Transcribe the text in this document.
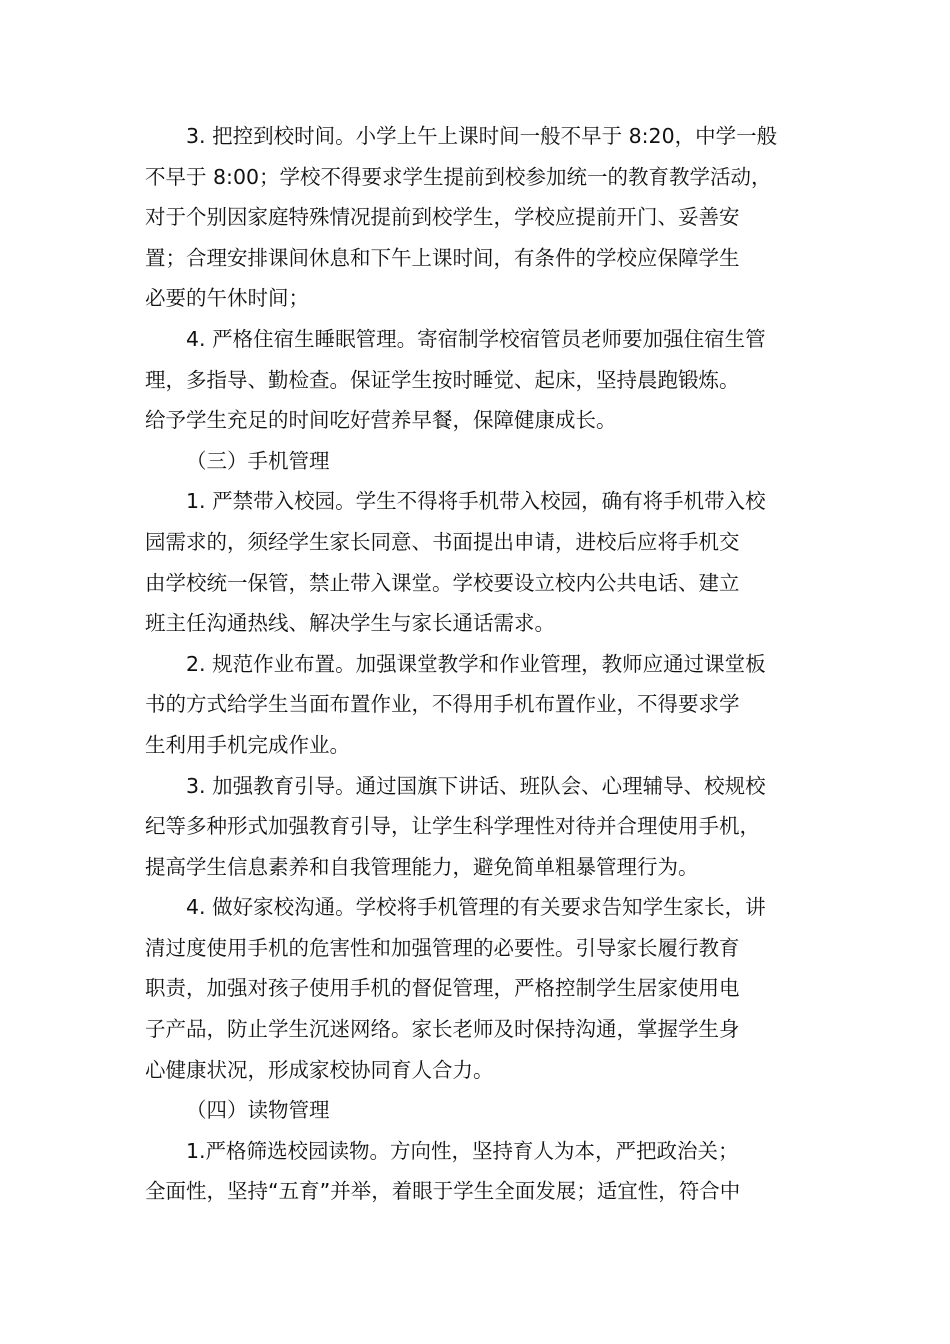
3. 把控到校时间。小学上午上课时间一般不早于 8:20，中学一般
不早于 8:00；学校不得要求学生提前到校参加统一的教育教学活动，
对于个别因家庭特殊情况提前到校学生，学校应提前开门、妥善安
置；合理安排课间休息和下午上课时间，有条件的学校应保障学生
必要的午休时间；

4. 严格住宿生睡眠管理。寄宿制学校宿管员老师要加强住宿生管
理，多指导、勤检查。保证学生按时睡觉、起床，坚持晨跑锻炼。
给予学生充足的时间吃好营养早餐，保障健康成长。

（三）手机管理

1. 严禁带入校园。学生不得将手机带入校园，确有将手机带入校
园需求的，须经学生家长同意、书面提出申请，进校后应将手机交
由学校统一保管，禁止带入课堂。学校要设立校内公共电话、建立
班主任沟通热线、解决学生与家长通话需求。

2. 规范作业布置。加强课堂教学和作业管理，教师应通过课堂板
书的方式给学生当面布置作业，不得用手机布置作业，不得要求学
生利用手机完成作业。

3. 加强教育引导。通过国旗下讲话、班队会、心理辅导、校规校
纪等多种形式加强教育引导，让学生科学理性对待并合理使用手机，
提高学生信息素养和自我管理能力，避免简单粗暴管理行为。

4. 做好家校沟通。学校将手机管理的有关要求告知学生家长，讲
清过度使用手机的危害性和加强管理的必要性。引导家长履行教育
职责，加强对孩子使用手机的督促管理，严格控制学生居家使用电
子产品，防止学生沉迷网络。家长老师及时保持沟通，掌握学生身
心健康状况，形成家校协同育人合力。

（四）读物管理

1.严格筛选校园读物。方向性，坚持育人为本，严把政治关；
全面性，坚持“五育”并举，着眼于学生全面发展；适宜性，符合中
